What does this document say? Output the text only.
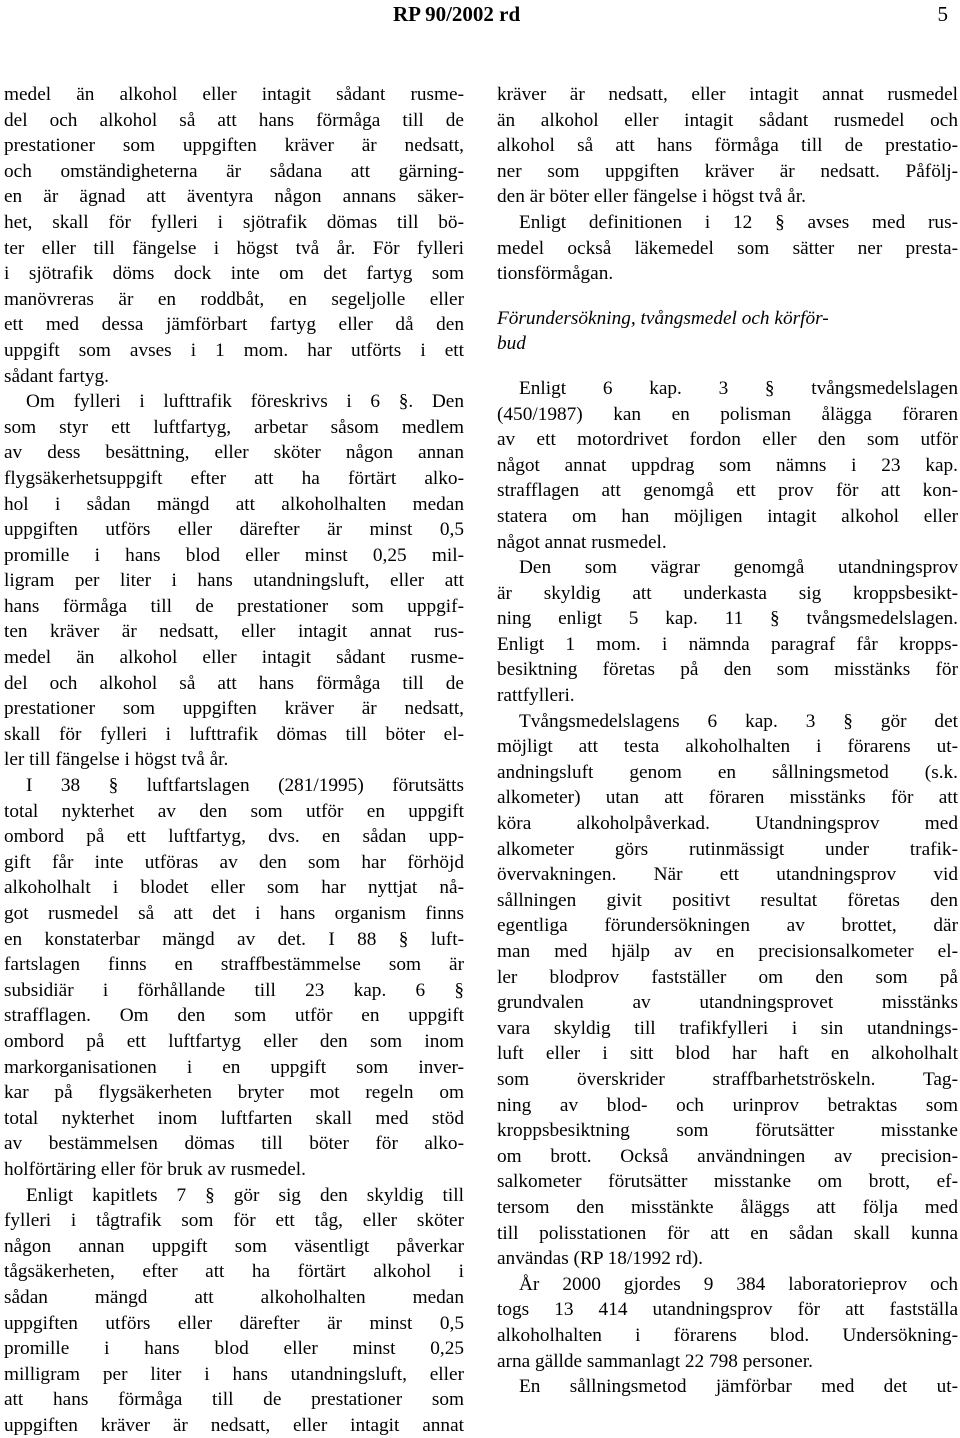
RP 90/2002 rd	5
medel än alkohol eller intagit sådant rusme-
del och alkohol så att hans förmåga till de
prestationer som uppgiften kräver är nedsatt,
och omständigheterna är sådana att gärning-
en är ägnad att äventyra någon annans säker-
het, skall för fylleri i sjötrafik dömas till bö-
ter eller till fängelse i högst två år. För fylleri
i sjötrafik döms dock inte om det fartyg som
manövreras är en roddbåt, en segeljolle eller
ett med dessa jämförbart fartyg eller då den
uppgift som avses i 1 mom. har utförts i ett
sådant fartyg.
Om fylleri i lufttrafik föreskrivs i 6 §. Den
som styr ett luftfartyg, arbetar såsom medlem
av dess besättning, eller sköter någon annan
flygsäkerhetsuppgift efter att ha förtärt alko-
hol i sådan mängd att alkoholhalten medan
uppgiften utförs eller därefter är minst 0,5
promille i hans blod eller minst 0,25 mil-
ligram per liter i hans utandningsluft, eller att
hans förmåga till de prestationer som uppgif-
ten kräver är nedsatt, eller intagit annat rus-
medel än alkohol eller intagit sådant rusme-
del och alkohol så att hans förmåga till de
prestationer som uppgiften kräver är nedsatt,
skall för fylleri i lufttrafik dömas till böter el-
ler till fängelse i högst två år.
I 38 § luftfartslagen (281/1995) förutsätts
total nykterhet av den som utför en uppgift
ombord på ett luftfartyg, dvs. en sådan upp-
gift får inte utföras av den som har förhöjd
alkoholhalt i blodet eller som har nyttjat nå-
got rusmedel så att det i hans organism finns
en konstaterbar mängd av det. I 88 § luft-
fartslagen finns en straffbestämmelse som är
subsidiär i förhållande till 23 kap. 6 §
strafflagen. Om den som utför en uppgift
ombord på ett luftfartyg eller den som inom
markorganisationen i en uppgift som inver-
kar på flygsäkerheten bryter mot regeln om
total nykterhet inom luftfarten skall med stöd
av bestämmelsen dömas till böter för alko-
holförtäring eller för bruk av rusmedel.
Enligt kapitlets 7 § gör sig den skyldig till
fylleri i tågtrafik som för ett tåg, eller sköter
någon annan uppgift som väsentligt påverkar
tågsäkerheten, efter att ha förtärt alkohol i
sådan mängd att alkoholhalten medan
uppgiften utförs eller därefter är minst 0,5
promille i hans blod eller minst 0,25
milligram per liter i hans utandningsluft, eller
att hans förmåga till de prestationer som
uppgiften kräver är nedsatt, eller intagit annat
kräver är nedsatt, eller intagit annat rusmedel
än alkohol eller intagit sådant rusmedel och
alkohol så att hans förmåga till de prestatio-
ner som uppgiften kräver är nedsatt. Påfölj-
den är böter eller fängelse i högst två år.
Enligt definitionen i 12 § avses med rus-
medel också läkemedel som sätter ner presta-
tionsförmågan.
Förundersökning, tvångsmedel och körför-
bud
Enligt 6 kap. 3 § tvångsmedelslagen
(450/1987) kan en polisman ålägga föraren
av ett motordrivet fordon eller den som utför
något annat uppdrag som nämns i 23 kap.
strafflagen att genomgå ett prov för att kon-
statera om han möjligen intagit alkohol eller
något annat rusmedel.
Den som vägrar genomgå utandningsprov
är skyldig att underkasta sig kroppsbesikt-
ning enligt 5 kap. 11 § tvångsmedelslagen.
Enligt 1 mom. i nämnda paragraf får kropps-
besiktning företas på den som misstänks för
rattfylleri.
Tvångsmedelslagens 6 kap. 3 § gör det
möjligt att testa alkoholhalten i förarens ut-
andningsluft genom en sållningsmetod (s.k.
alkometer) utan att föraren misstänks för att
köra alkoholpåverkad. Utandningsprov med
alkometer görs rutinmässigt under trafik-
övervakningen. När ett utandningsprov vid
sållningen givit positivt resultat företas den
egentliga förundersökningen av brottet, där
man med hjälp av en precisionsalkometer el-
ler blodprov fastställer om den som på
grundvalen av utandningsprovet misstänks
vara skyldig till trafikfylleri i sin utandnings-
luft eller i sitt blod har haft en alkoholhalt
som överskrider straffbarhetströskeln. Tag-
ning av blod- och urinprov betraktas som
kroppsbesiktning som förutsätter misstanke
om brott. Också användningen av precision-
salkometer förutsätter misstanke om brott, ef-
tersom den misstänkte åläggs att följa med
till polisstationen för att en sådan skall kunna
användas (RP 18/1992 rd).
År 2000 gjordes 9 384 laboratorieprov och
togs 13 414 utandningsprov för att fastställa
alkoholhalten i förarens blod. Undersökning-
arna gällde sammanlagt 22 798 personer.
En sållningsmetod jämförbar med det ut-
